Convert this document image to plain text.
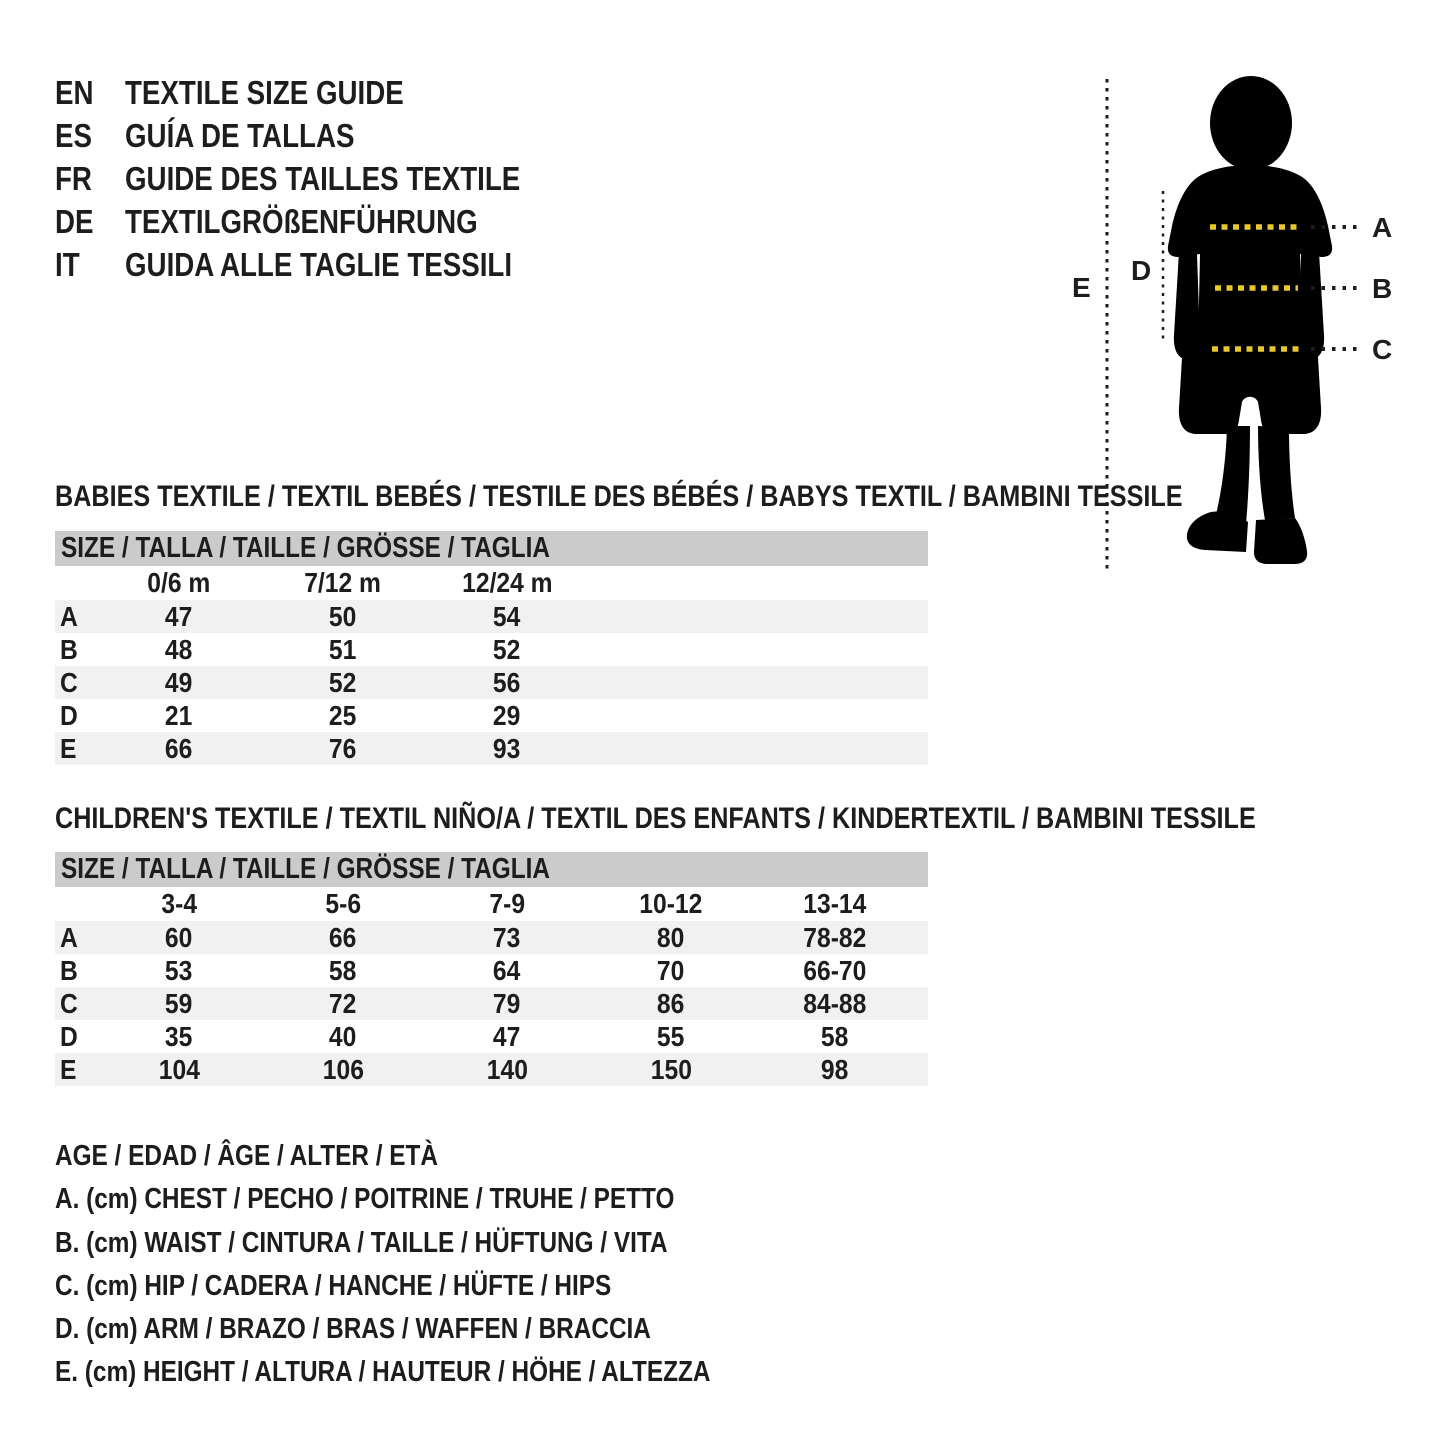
EN TEXTILE SIZE GUIDE
ES	GUÍA DE TALLAS
FR	GUIDE DES TAILLES TEXTILE
DE TEXTILGRÖßENFÜHRUNG
IT	GUIDA ALLE TAGLIE TESSILI
A
B
C
D
E
BABIES TEXTILE / TEXTIL BEBÉS / TESTILE DES BÉBÉS / BABYS TEXTIL / BAMBINI TESSILE
SIZE / TALLA / TAILLE / GRÖSSE / TAGLIA
0/6 m	7/12 m	12/24 m
A	47	50	54
B	48	51	52
C	49	52	56
D	21	25	29
E	66	76	93
CHILDREN'S TEXTILE / TEXTIL NIÑO/A / TEXTIL DES ENFANTS / KINDERTEXTIL / BAMBINI TESSILE
SIZE / TALLA / TAILLE / GRÖSSE / TAGLIA
3-4	5-6	7-9	10-12	13-14
A	60	66	73	80	78-82
B	53	58	64	70	66-70
C	59	72	79	86	84-88
D	35	40	47	55	58
E	104	106	140	150	98
AGE / EDAD / ÂGE / ALTER / ETÀ
A. (cm) CHEST / PECHO / POITRINE / TRUHE / PETTO
B. (cm) WAIST / CINTURA / TAILLE / HÜFTUNG / VITA
C. (cm) HIP / CADERA / HANCHE / HÜFTE / HIPS
D. (cm) ARM / BRAZO / BRAS / WAFFEN / BRACCIA
E. (cm) HEIGHT / ALTURA / HAUTEUR / HÖHE / ALTEZZA
